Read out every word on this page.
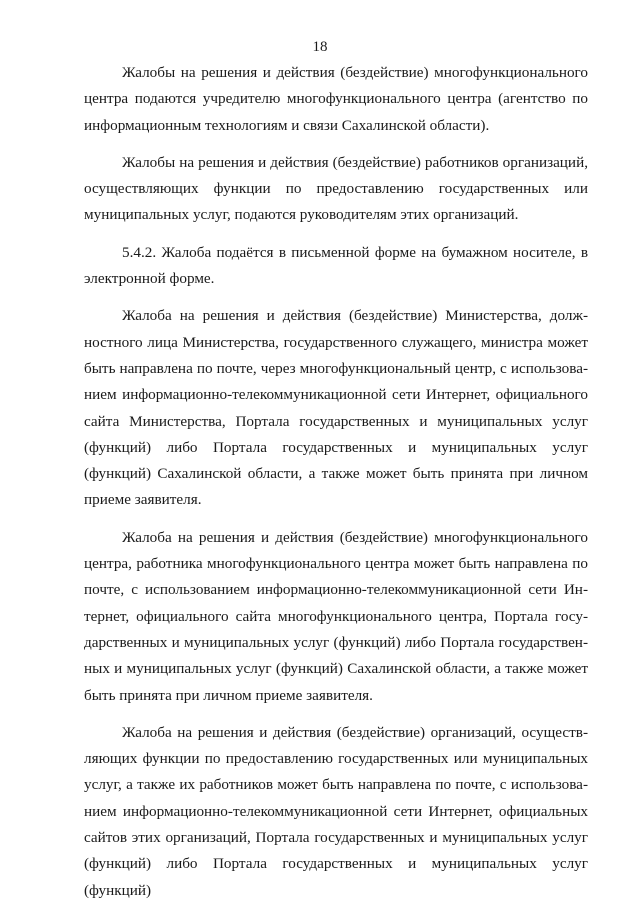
18

Жалобы на решения и действия (бездействие) многофункционального центра подаются учредителю многофункционального центра (агентство по информационным технологиям и связи Сахалинской области).

Жалобы на решения и действия (бездействие) работников организаций, осуществляющих функции по предоставлению государственных или муниципальных услуг, подаются руководителям этих организаций.

5.4.2. Жалоба подаётся в письменной форме на бумажном носителе, в электронной форме.

Жалоба на решения и действия (бездействие) Министерства, должностного лица Министерства, государственного служащего, министра может быть направлена по почте, через многофункциональный центр, с использованием информационно-телекоммуникационной сети Интернет, официального сайта Министерства, Портала государственных и муниципальных услуг (функций) либо Портала государственных и муниципальных услуг (функций) Сахалинской области, а также может быть принята при личном приеме заявителя.

Жалоба на решения и действия (бездействие) многофункционального центра, работника многофункционального центра может быть направлена по почте, с использованием информационно-телекоммуникационной сети Интернет, официального сайта многофункционального центра, Портала государственных и муниципальных услуг (функций) либо Портала государственных и муниципальных услуг (функций) Сахалинской области, а также может быть принята при личном приеме заявителя.

Жалоба на решения и действия (бездействие) организаций, осуществляющих функции по предоставлению государственных или муниципальных услуг, а также их работников может быть направлена по почте, с использованием информационно-телекоммуникационной сети Интернет, официальных сайтов этих организаций, Портала государственных и муниципальных услуг (функций) либо Портала государственных и муниципальных услуг (функций)
